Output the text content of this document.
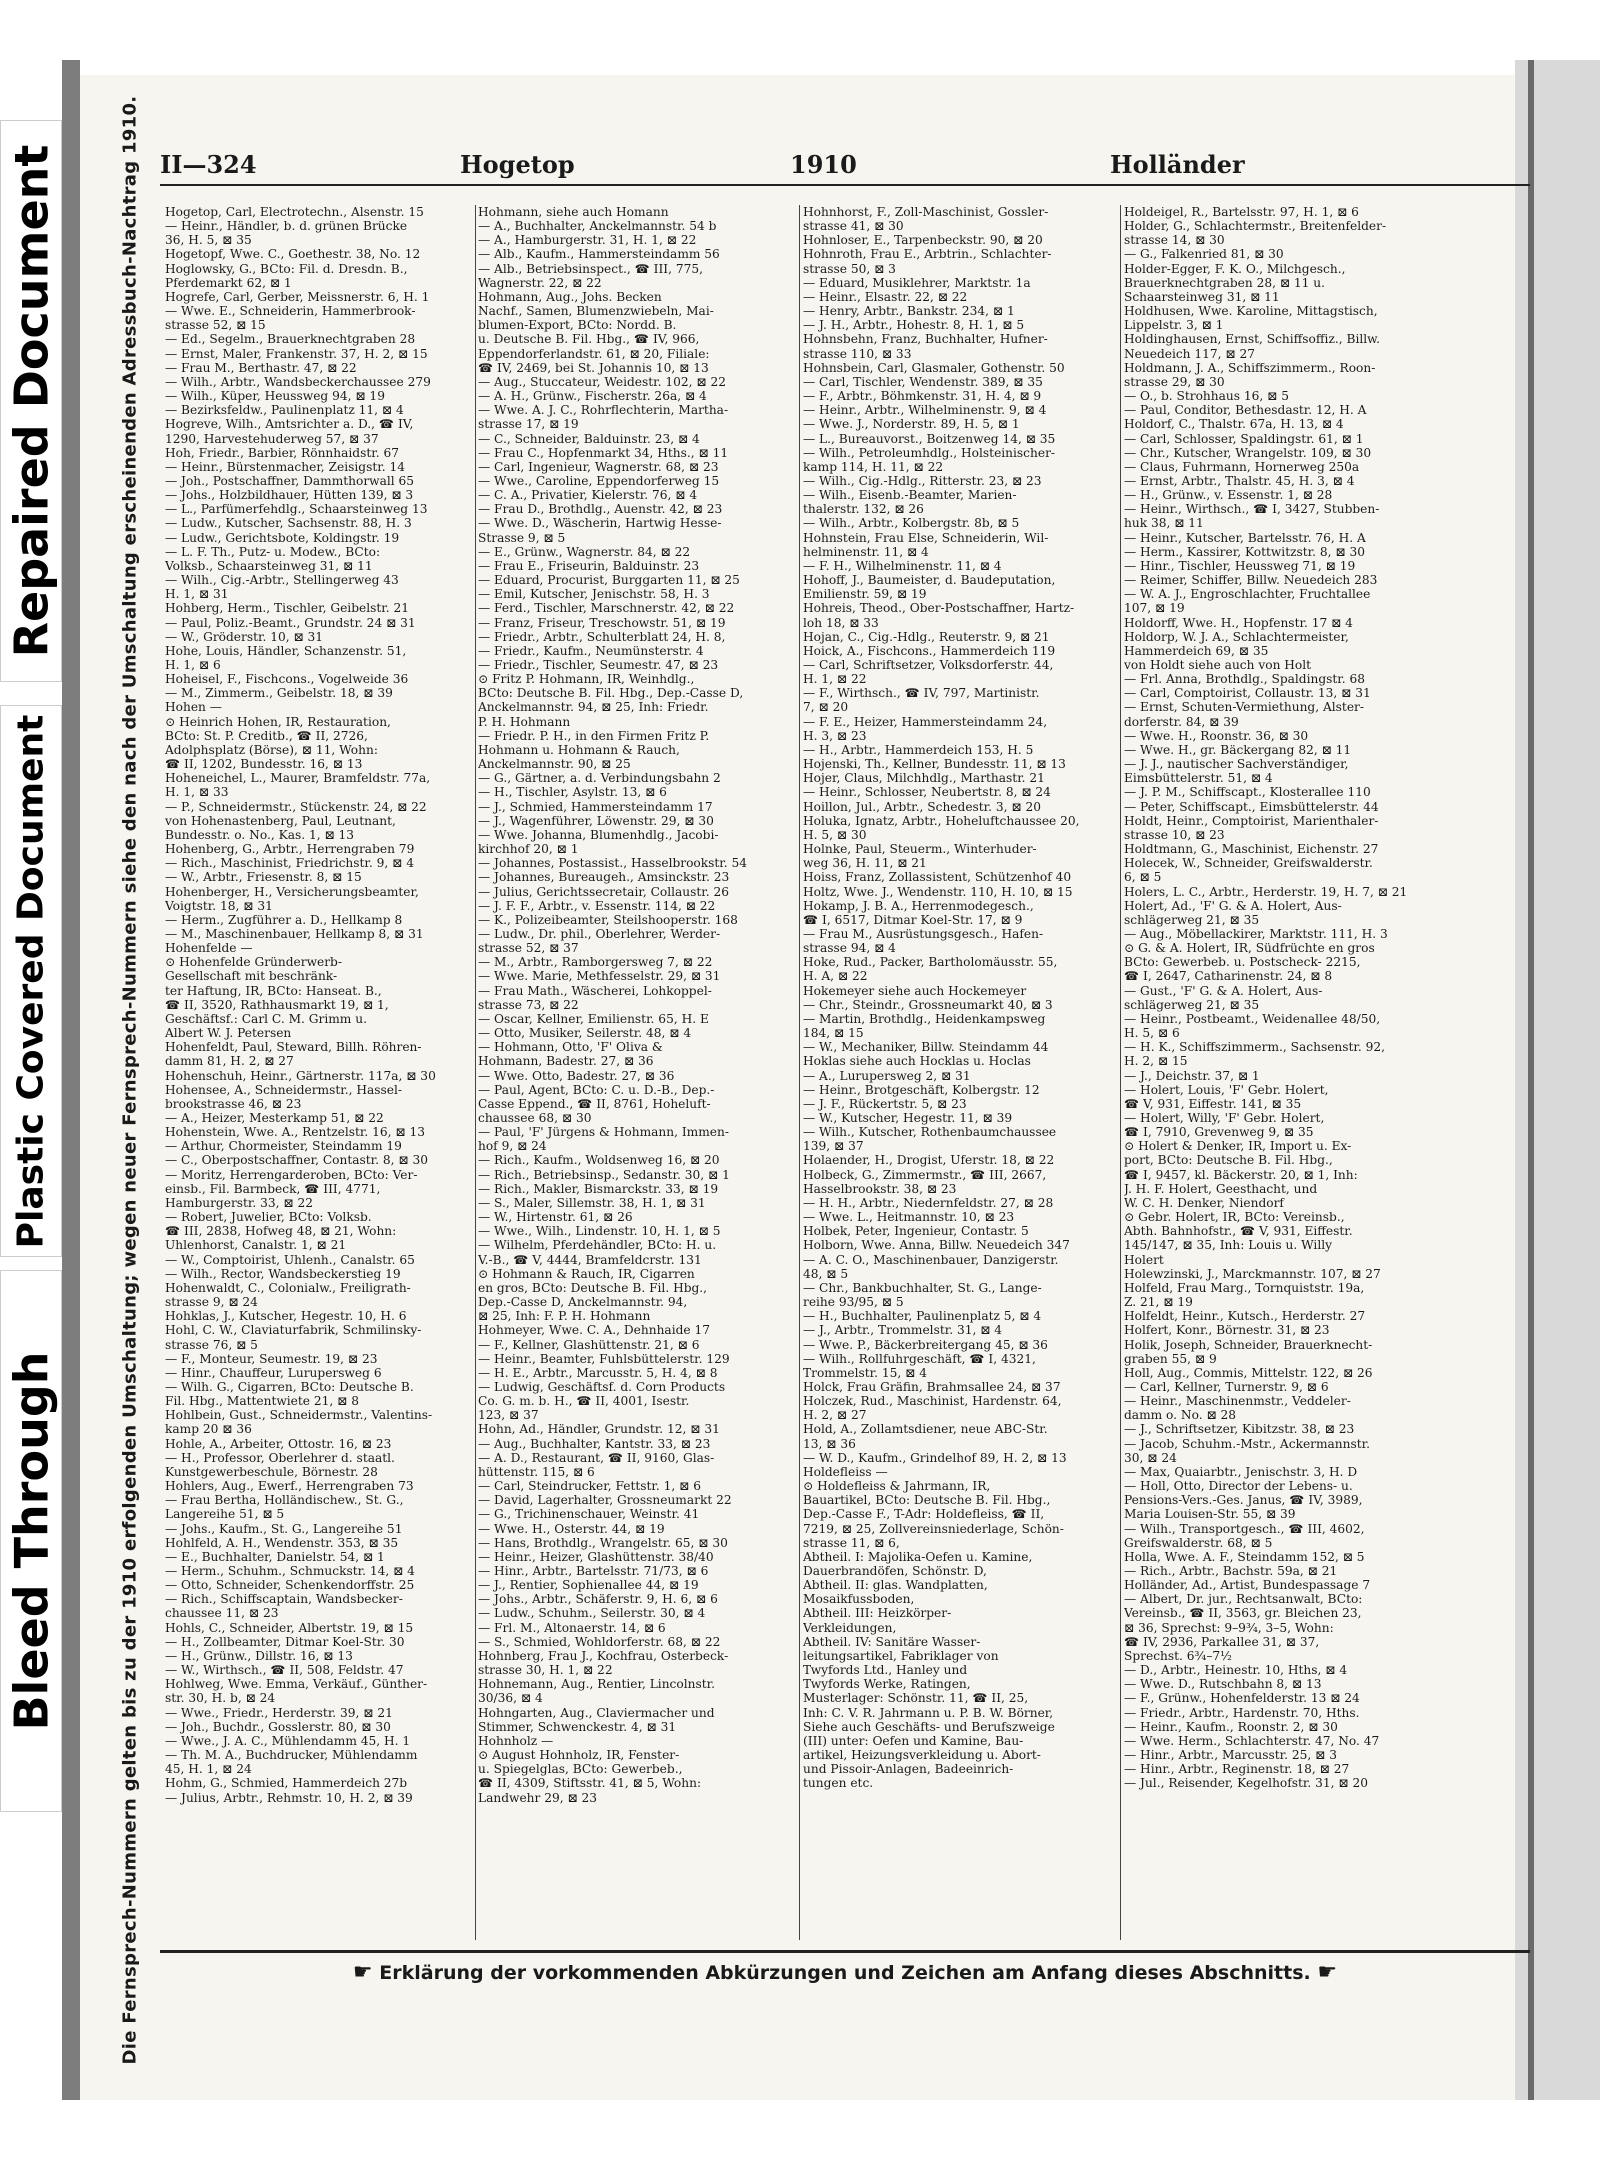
Repaired Document
Plastic Covered Document
Bleed Through
II—324	Hogetop	1910	Holländer
Die Fernsprech-Nummern gelten bis zu der 1910 erfolgenden Umschaltung; wegen neuer Fernsprech-Nummern siehe den nach der Umschaltung erscheinenden Adressbuch-Nachtrag 1910. Hogetop, Carl, Electrotechn., Alsenstr. 15
— Heinr., Händler, b. d. grünen Brücke
36, H. 5, ⊠ 35
Hogetopf, Wwe. C., Goethestr. 38, No. 12
Hoglowsky, G., BCto: Fil. d. Dresdn. B.,
Pferdemarkt 62, ⊠ 1
Hogrefe, Carl, Gerber, Meissnerstr. 6, H. 1
— Wwe. E., Schneiderin, Hammerbrook-
strasse 52, ⊠ 15
— Ed., Segelm., Brauerknechtgraben 28
— Ernst, Maler, Frankenstr. 37, H. 2, ⊠ 15
— Frau M., Berthastr. 47, ⊠ 22
— Wilh., Arbtr., Wandsbeckerchaussee 279
— Wilh., Küper, Heussweg 94, ⊠ 19
— Bezirksfeldw., Paulinenplatz 11, ⊠ 4
Hogreve, Wilh., Amtsrichter a. D., ☎ IV,
1290, Harvestehuderweg 57, ⊠ 37
Hoh, Friedr., Barbier, Rönnhaidstr. 67
— Heinr., Bürstenmacher, Zeisigstr. 14
— Joh., Postschaffner, Dammthorwall 65
— Johs., Holzbildhauer, Hütten 139, ⊠ 3
— L., Parfümerfehdlg., Schaarsteinweg 13
— Ludw., Kutscher, Sachsenstr. 88, H. 3
— Ludw., Gerichtsbote, Koldingstr. 19
— L. F. Th., Putz- u. Modew., BCto:
Volksb., Schaarsteinweg 31, ⊠ 11
— Wilh., Cig.-Arbtr., Stellingerweg 43
H. 1, ⊠ 31
Hohberg, Herm., Tischler, Geibelstr. 21
— Paul, Poliz.-Beamt., Grundstr. 24 ⊠ 31
— W., Gröderstr. 10, ⊠ 31
Hohe, Louis, Händler, Schanzenstr. 51,
H. 1, ⊠ 6
Hoheisel, F., Fischcons., Vogelweide 36
— M., Zimmerm., Geibelstr. 18, ⊠ 39
Hohen —
⊙ Heinrich Hohen, IR, Restauration,
BCto: St. P. Creditb., ☎ II, 2726,
Adolphsplatz (Börse), ⊠ 11, Wohn:
☎ II, 1202, Bundesstr. 16, ⊠ 13
Hoheneichel, L., Maurer, Bramfeldstr. 77a,
H. 1, ⊠ 33
— P., Schneidermstr., Stückenstr. 24, ⊠ 22
von Hohenastenberg, Paul, Leutnant,
Bundesstr. o. No., Kas. 1, ⊠ 13
Hohenberg, G., Arbtr., Herrengraben 79
— Rich., Maschinist, Friedrichstr. 9, ⊠ 4
— W., Arbtr., Friesenstr. 8, ⊠ 15
Hohenberger, H., Versicherungsbeamter,
Voigtstr. 18, ⊠ 31
— Herm., Zugführer a. D., Hellkamp 8
— M., Maschinenbauer, Hellkamp 8, ⊠ 31
Hohenfelde —
⊙ Hohenfelde Gründerwerb-
Gesellschaft mit beschränk-
ter Haftung, IR, BCto: Hanseat. B.,
☎ II, 3520, Rathhausmarkt 19, ⊠ 1,
Geschäftsf.: Carl C. M. Grimm u.
Albert W. J. Petersen
Hohenfeldt, Paul, Steward, Billh. Röhren-
damm 81, H. 2, ⊠ 27
Hohenschuh, Heinr., Gärtnerstr. 117a, ⊠ 30
Hohensee, A., Schneidermstr., Hassel-
brookstrasse 46, ⊠ 23
— A., Heizer, Mesterkamp 51, ⊠ 22
Hohenstein, Wwe. A., Rentzelstr. 16, ⊠ 13
— Arthur, Chormeister, Steindamm 19
— C., Oberpostschaffner, Contastr. 8, ⊠ 30
— Moritz, Herrengarderoben, BCto: Ver-
einsb., Fil. Barmbeck, ☎ III, 4771,
Hamburgerstr. 33, ⊠ 22
— Robert, Juwelier, BCto: Volksb.
☎ III, 2838, Hofweg 48, ⊠ 21, Wohn:
Uhlenhorst, Canalstr. 1, ⊠ 21
— W., Comptoirist, Uhlenh., Canalstr. 65
— Wilh., Rector, Wandsbeckerstieg 19
Hohenwaldt, C., Colonialw., Freiligrath-
strasse 9, ⊠ 24
Hohklas, J., Kutscher, Hegestr. 10, H. 6
Hohl, C. W., Claviaturfabrik, Schmilinsky-
strasse 76, ⊠ 5
— F., Monteur, Seumestr. 19, ⊠ 23
— Hinr., Chauffeur, Lurupersweg 6
— Wilh. G., Cigarren, BCto: Deutsche B.
Fil. Hbg., Mattentwiete 21, ⊠ 8
Hohlbein, Gust., Schneidermstr., Valentins-
kamp 20 ⊠ 36
Hohle, A., Arbeiter, Ottostr. 16, ⊠ 23
— H., Professor, Oberlehrer d. staatl.
Kunstgewerbeschule, Börnestr. 28
Hohlers, Aug., Ewerf., Herrengraben 73
— Frau Bertha, Holländischew., St. G.,
Langereihe 51, ⊠ 5
— Johs., Kaufm., St. G., Langereihe 51
Hohlfeld, A. H., Wendenstr. 353, ⊠ 35
— E., Buchhalter, Danielstr. 54, ⊠ 1
— Herm., Schuhm., Schmuckstr. 14, ⊠ 4
— Otto, Schneider, Schenkendorffstr. 25
— Rich., Schiffscaptain, Wandsbecker-
chaussee 11, ⊠ 23
Hohls, C., Schneider, Albertstr. 19, ⊠ 15
— H., Zollbeamter, Ditmar Koel-Str. 30
— H., Grünw., Dillstr. 16, ⊠ 13
— W., Wirthsch., ☎ II, 508, Feldstr. 47
Hohlweg, Wwe. Emma, Verkäuf., Günther-
str. 30, H. b, ⊠ 24
— Wwe., Friedr., Herderstr. 39, ⊠ 21
— Joh., Buchdr., Gosslerstr. 80, ⊠ 30
— Wwe., J. A. C., Mühlendamm 45, H. 1
— Th. M. A., Buchdrucker, Mühlendamm
45, H. 1, ⊠ 24
Hohm, G., Schmied, Hammerdeich 27b
— Julius, Arbtr., Rehmstr. 10, H. 2, ⊠ 39
Hohmann, siehe auch Homann
— A., Buchhalter, Anckelmannstr. 54 b
— A., Hamburgerstr. 31, H. 1, ⊠ 22
— Alb., Kaufm., Hammersteindamm 56
— Alb., Betriebsinspect., ☎ III, 775,
Wagnerstr. 22, ⊠ 22
Hohmann, Aug., Johs. Becken
Nachf., Samen, Blumenzwiebeln, Mai-
blumen-Export, BCto: Nordd. B.
u. Deutsche B. Fil. Hbg., ☎ IV, 966,
Eppendorferlandstr. 61, ⊠ 20, Filiale:
☎ IV, 2469, bei St. Johannis 10, ⊠ 13
— Aug., Stuccateur, Weidestr. 102, ⊠ 22
— A. H., Grünw., Fischerstr. 26a, ⊠ 4
— Wwe. A. J. C., Rohrflechterin, Martha-
strasse 17, ⊠ 19
— C., Schneider, Balduinstr. 23, ⊠ 4
— Frau C., Hopfenmarkt 34, Hths., ⊠ 11
— Carl, Ingenieur, Wagnerstr. 68, ⊠ 23
— Wwe., Caroline, Eppendorferweg 15
— C. A., Privatier, Kielerstr. 76, ⊠ 4
— Frau D., Brothdlg., Auenstr. 42, ⊠ 23
— Wwe. D., Wäscherin, Hartwig Hesse-
Strasse 9, ⊠ 5
— E., Grünw., Wagnerstr. 84, ⊠ 22
— Frau E., Friseurin, Balduinstr. 23
— Eduard, Procurist, Burggarten 11, ⊠ 25
— Emil, Kutscher, Jenischstr. 58, H. 3
— Ferd., Tischler, Marschnerstr. 42, ⊠ 22
— Franz, Friseur, Treschowstr. 51, ⊠ 19
— Friedr., Arbtr., Schulterblatt 24, H. 8,
— Friedr., Kaufm., Neumünsterstr. 4
— Friedr., Tischler, Seumestr. 47, ⊠ 23
⊙ Fritz P. Hohmann, IR, Weinhdlg.,
BCto: Deutsche B. Fil. Hbg., Dep.-Casse D,
Anckelmannstr. 94, ⊠ 25, Inh: Friedr.
P. H. Hohmann
— Friedr. P. H., in den Firmen Fritz P.
Hohmann u. Hohmann & Rauch,
Anckelmannstr. 90, ⊠ 25
— G., Gärtner, a. d. Verbindungsbahn 2
— H., Tischler, Asylstr. 13, ⊠ 6
— J., Schmied, Hammersteindamm 17
— J., Wagenführer, Löwenstr. 29, ⊠ 30
— Wwe. Johanna, Blumenhdlg., Jacobi-
kirchhof 20, ⊠ 1
— Johannes, Postassist., Hasselbrookstr. 54
— Johannes, Bureaugeh., Amsinckstr. 23
— Julius, Gerichtssecretair, Collaustr. 26
— J. F. F., Arbtr., v. Essenstr. 114, ⊠ 22
— K., Polizeibeamter, Steilshooperstr. 168
— Ludw., Dr. phil., Oberlehrer, Werder-
strasse 52, ⊠ 37
— M., Arbtr., Ramborgersweg 7, ⊠ 22
— Wwe. Marie, Methfesselstr. 29, ⊠ 31
— Frau Math., Wäscherei, Lohkoppel-
strasse 73, ⊠ 22
— Oscar, Kellner, Emilienstr. 65, H. E
— Otto, Musiker, Seilerstr. 48, ⊠ 4
— Hohmann, Otto, 'F' Oliva &
Hohmann, Badestr. 27, ⊠ 36
— Wwe. Otto, Badestr. 27, ⊠ 36
— Paul, Agent, BCto: C. u. D.-B., Dep.-
Casse Eppend., ☎ II, 8761, Hoheluft-
chaussee 68, ⊠ 30
— Paul, 'F' Jürgens & Hohmann, Immen-
hof 9, ⊠ 24
— Rich., Kaufm., Woldsenweg 16, ⊠ 20
— Rich., Betriebsinsp., Sedanstr. 30, ⊠ 1
— Rich., Makler, Bismarckstr. 33, ⊠ 19
— S., Maler, Sillemstr. 38, H. 1, ⊠ 31
— W., Hirtenstr. 61, ⊠ 26
— Wwe., Wilh., Lindenstr. 10, H. 1, ⊠ 5
— Wilhelm, Pferdehändler, BCto: H. u.
V.-B., ☎ V, 4444, Bramfeldcrstr. 131
⊙ Hohmann & Rauch, IR, Cigarren
en gros, BCto: Deutsche B. Fil. Hbg.,
Dep.-Casse D, Anckelmannstr. 94,
⊠ 25, Inh: F. P. H. Hohmann
Hohmeyer, Wwe. C. A., Dehnhaide 17
— F., Kellner, Glashüttenstr. 21, ⊠ 6
— Heinr., Beamter, Fuhlsbüttelerstr. 129
— H. E., Arbtr., Marcusstr. 5, H. 4, ⊠ 8
— Ludwig, Geschäftsf. d. Corn Products
Co. G. m. b. H., ☎ II, 4001, Isestr.
123, ⊠ 37
Hohn, Ad., Händler, Grundstr. 12, ⊠ 31
— Aug., Buchhalter, Kantstr. 33, ⊠ 23
— A. D., Restaurant, ☎ II, 9160, Glas-
hüttenstr. 115, ⊠ 6
— Carl, Steindrucker, Fettstr. 1, ⊠ 6
— David, Lagerhalter, Grossneumarkt 22
— G., Trichinenschauer, Weinstr. 41
— Wwe. H., Osterstr. 44, ⊠ 19
— Hans, Brothdlg., Wrangelstr. 65, ⊠ 30
— Heinr., Heizer, Glashüttenstr. 38/40
— Hinr., Arbtr., Bartelsstr. 71/73, ⊠ 6
— J., Rentier, Sophienallee 44, ⊠ 19
— Johs., Arbtr., Schäferstr. 9, H. 6, ⊠ 6
— Ludw., Schuhm., Seilerstr. 30, ⊠ 4
— Frl. M., Altonaerstr. 14, ⊠ 6
— S., Schmied, Wohldorferstr. 68, ⊠ 22
Hohnberg, Frau J., Kochfrau, Osterbeck-
strasse 30, H. 1, ⊠ 22
Hohnemann, Aug., Rentier, Lincolnstr.
30/36, ⊠ 4
Hohngarten, Aug., Claviermacher und
Stimmer, Schwenckestr. 4, ⊠ 31
Hohnholz —
⊙ August Hohnholz, IR, Fenster-
u. Spiegelglas, BCto: Gewerbeb.,
☎ II, 4309, Stiftsstr. 41, ⊠ 5, Wohn:
Landwehr 29, ⊠ 23
Hohnhorst, F., Zoll-Maschinist, Gossler-
strasse 41, ⊠ 30
Hohnloser, E., Tarpenbeckstr. 90, ⊠ 20
Hohnroth, Frau E., Arbtrin., Schlachter-
strasse 50, ⊠ 3
— Eduard, Musiklehrer, Marktstr. 1a
— Heinr., Elsastr. 22, ⊠ 22
— Henry, Arbtr., Bankstr. 234, ⊠ 1
— J. H., Arbtr., Hohestr. 8, H. 1, ⊠ 5
Hohnsbehn, Franz, Buchhalter, Hufner-
strasse 110, ⊠ 33
Hohnsbein, Carl, Glasmaler, Gothenstr. 50
— Carl, Tischler, Wendenstr. 389, ⊠ 35
— F., Arbtr., Böhmkenstr. 31, H. 4, ⊠ 9
— Heinr., Arbtr., Wilhelminenstr. 9, ⊠ 4
— Wwe. J., Norderstr. 89, H. 5, ⊠ 1
— L., Bureauvorst., Boitzenweg 14, ⊠ 35
— Wilh., Petroleumhdlg., Holsteinischer-
kamp 114, H. 11, ⊠ 22
— Wilh., Cig.-Hdlg., Ritterstr. 23, ⊠ 23
— Wilh., Eisenb.-Beamter, Marien-
thalerstr. 132, ⊠ 26
— Wilh., Arbtr., Kolbergstr. 8b, ⊠ 5
Hohnstein, Frau Else, Schneiderin, Wil-
helminenstr. 11, ⊠ 4
— F. H., Wilhelminenstr. 11, ⊠ 4
Hohoff, J., Baumeister, d. Baudeputation,
Emilienstr. 59, ⊠ 19
Hohreis, Theod., Ober-Postschaffner, Hartz-
loh 18, ⊠ 33
Hojan, C., Cig.-Hdlg., Reuterstr. 9, ⊠ 21
Hoick, A., Fischcons., Hammerdeich 119
— Carl, Schriftsetzer, Volksdorferstr. 44,
H. 1, ⊠ 22
— F., Wirthsch., ☎ IV, 797, Martinistr.
7, ⊠ 20
— F. E., Heizer, Hammersteindamm 24,
H. 3, ⊠ 23
— H., Arbtr., Hammerdeich 153, H. 5
Hojenski, Th., Kellner, Bundesstr. 11, ⊠ 13
Hojer, Claus, Milchhdlg., Marthastr. 21
— Heinr., Schlosser, Neubertstr. 8, ⊠ 24
Hoillon, Jul., Arbtr., Schedestr. 3, ⊠ 20
Holuka, Ignatz, Arbtr., Hoheluftchaussee 20,
H. 5, ⊠ 30
Holnke, Paul, Steuerm., Winterhuder-
weg 36, H. 11, ⊠ 21
Hoiss, Franz, Zollassistent, Schützenhof 40
Holtz, Wwe. J., Wendenstr. 110, H. 10, ⊠ 15
Hokamp, J. B. A., Herrenmodegesch.,
☎ I, 6517, Ditmar Koel-Str. 17, ⊠ 9
— Frau M., Ausrüstungsgesch., Hafen-
strasse 94, ⊠ 4
Hoke, Rud., Packer, Bartholomäusstr. 55,
H. A, ⊠ 22
Hokemeyer siehe auch Hockemeyer
— Chr., Steindr., Grossneumarkt 40, ⊠ 3
— Martin, Brothdlg., Heidenkampsweg
184, ⊠ 15
— W., Mechaniker, Billw. Steindamm 44
Hoklas siehe auch Hocklas u. Hoclas
— A., Lurupersweg 2, ⊠ 31
— Heinr., Brotgeschäft, Kolbergstr. 12
— J. F., Rückertstr. 5, ⊠ 23
— W., Kutscher, Hegestr. 11, ⊠ 39
— Wilh., Kutscher, Rothenbaumchaussee
139, ⊠ 37
Holaender, H., Drogist, Uferstr. 18, ⊠ 22
Holbeck, G., Zimmermstr., ☎ III, 2667,
Hasselbrookstr. 38, ⊠ 23
— H. H., Arbtr., Niedernfeldstr. 27, ⊠ 28
— Wwe. L., Heitmannstr. 10, ⊠ 23
Holbek, Peter, Ingenieur, Contastr. 5
Holborn, Wwe. Anna, Billw. Neuedeich 347
— A. C. O., Maschinenbauer, Danzigerstr.
48, ⊠ 5
— Chr., Bankbuchhalter, St. G., Lange-
reihe 93/95, ⊠ 5
— H., Buchhalter, Paulinenplatz 5, ⊠ 4
— J., Arbtr., Trommelstr. 31, ⊠ 4
— Wwe. P., Bäckerbreitergang 45, ⊠ 36
— Wilh., Rollfuhrgeschäft, ☎ I, 4321,
Trommelstr. 15, ⊠ 4
Holck, Frau Gräfin, Brahmsallee 24, ⊠ 37
Holczek, Rud., Maschinist, Hardenstr. 64,
H. 2, ⊠ 27
Hold, A., Zollamtsdiener, neue ABC-Str.
13, ⊠ 36
— W. D., Kaufm., Grindelhof 89, H. 2, ⊠ 13
Holdefleiss —
⊙ Holdefleiss & Jahrmann, IR,
Bauartikel, BCto: Deutsche B. Fil. Hbg.,
Dep.-Casse F., T-Adr: Holdefleiss, ☎ II,
7219, ⊠ 25, Zollvereinsniederlage, Schön-
strasse 11, ⊠ 6,
Abtheil. I: Majolika-Oefen u. Kamine,
Dauerbrandöfen, Schönstr. D,
Abtheil. II: glas. Wandplatten,
Mosaikfussboden,
Abtheil. III: Heizkörper-
Verkleidungen,
Abtheil. IV: Sanitäre Wasser-
leitungsartikel, Fabriklager von
Twyfords Ltd., Hanley und
Twyfords Werke, Ratingen,
Musterlager: Schönstr. 11, ☎ II, 25,
Inh: C. V. R. Jahrmann u. P. B. W. Börner,
Siehe auch Geschäfts- und Berufszweige
(III) unter: Oefen und Kamine, Bau-
artikel, Heizungsverkleidung u. Abort-
und Pissoir-Anlagen, Badeeinrich-
tungen etc.
Holdeigel, R., Bartelsstr. 97, H. 1, ⊠ 6
Holder, G., Schlachtermstr., Breitenfelder-
strasse 14, ⊠ 30
— G., Falkenried 81, ⊠ 30
Holder-Egger, F. K. O., Milchgesch.,
Brauerknechtgraben 28, ⊠ 11 u.
Schaarsteinweg 31, ⊠ 11
Holdhusen, Wwe. Karoline, Mittagstisch,
Lippelstr. 3, ⊠ 1
Holdinghausen, Ernst, Schiffsoffiz., Billw.
Neuedeich 117, ⊠ 27
Holdmann, J. A., Schiffszimmerm., Roon-
strasse 29, ⊠ 30
— O., b. Strohhaus 16, ⊠ 5
— Paul, Conditor, Bethesdastr. 12, H. A
Holdorf, C., Thalstr. 67a, H. 13, ⊠ 4
— Carl, Schlosser, Spaldingstr. 61, ⊠ 1
— Chr., Kutscher, Wrangelstr. 109, ⊠ 30
— Claus, Fuhrmann, Hornerweg 250a
— Ernst, Arbtr., Thalstr. 45, H. 3, ⊠ 4
— H., Grünw., v. Essenstr. 1, ⊠ 28
— Heinr., Wirthsch., ☎ I, 3427, Stubben-
huk 38, ⊠ 11
— Heinr., Kutscher, Bartelsstr. 76, H. A
— Herm., Kassirer, Kottwitzstr. 8, ⊠ 30
— Hinr., Tischler, Heussweg 71, ⊠ 19
— Reimer, Schiffer, Billw. Neuedeich 283
— W. A. J., Engroschlachter, Fruchtallee
107, ⊠ 19
Holdorff, Wwe. H., Hopfenstr. 17 ⊠ 4
Holdorp, W. J. A., Schlachtermeister,
Hammerdeich 69, ⊠ 35
von Holdt siehe auch von Holt
— Frl. Anna, Brothdlg., Spaldingstr. 68
— Carl, Comptoirist, Collaustr. 13, ⊠ 31
— Ernst, Schuten-Vermiethung, Alster-
dorferstr. 84, ⊠ 39
— Wwe. H., Roonstr. 36, ⊠ 30
— Wwe. H., gr. Bäckergang 82, ⊠ 11
— J. J., nautischer Sachverständiger,
Eimsbüttelerstr. 51, ⊠ 4
— J. P. M., Schiffscapt., Klosterallee 110
— Peter, Schiffscapt., Eimsbüttelerstr. 44
Holdt, Heinr., Comptoirist, Marienthaler-
strasse 10, ⊠ 23
Holdtmann, G., Maschinist, Eichenstr. 27
Holecek, W., Schneider, Greifswalderstr.
6, ⊠ 5
Holers, L. C., Arbtr., Herderstr. 19, H. 7, ⊠ 21
Holert, Ad., 'F' G. & A. Holert, Aus-
schlägerweg 21, ⊠ 35
— Aug., Möbellackirer, Marktstr. 111, H. 3
⊙ G. & A. Holert, IR, Südfrüchte en gros
BCto: Gewerbeb. u. Postscheck- 2215,
☎ I, 2647, Catharinenstr. 24, ⊠ 8
— Gust., 'F' G. & A. Holert, Aus-
schlägerweg 21, ⊠ 35
— Heinr., Postbeamt., Weidenallee 48/50,
H. 5, ⊠ 6
— H. K., Schiffszimmerm., Sachsenstr. 92,
H. 2, ⊠ 15
— J., Deichstr. 37, ⊠ 1
— Holert, Louis, 'F' Gebr. Holert,
☎ V, 931, Eiffestr. 141, ⊠ 35
— Holert, Willy, 'F' Gebr. Holert,
☎ I, 7910, Grevenweg 9, ⊠ 35
⊙ Holert & Denker, IR, Import u. Ex-
port, BCto: Deutsche B. Fil. Hbg.,
☎ I, 9457, kl. Bäckerstr. 20, ⊠ 1, Inh:
J. H. F. Holert, Geesthacht, und
W. C. H. Denker, Niendorf
⊙ Gebr. Holert, IR, BCto: Vereinsb.,
Abth. Bahnhofstr., ☎ V, 931, Eiffestr.
145/147, ⊠ 35, Inh: Louis u. Willy
Holert
Holewzinski, J., Marckmannstr. 107, ⊠ 27
Holfeld, Frau Marg., Tornquiststr. 19a,
Z. 21, ⊠ 19
Holfeldt, Heinr., Kutsch., Herderstr. 27
Holfert, Konr., Börnestr. 31, ⊠ 23
Holik, Joseph, Schneider, Brauerknecht-
graben 55, ⊠ 9
Holl, Aug., Commis, Mittelstr. 122, ⊠ 26
— Carl, Kellner, Turnerstr. 9, ⊠ 6
— Heinr., Maschinenmstr., Veddeler-
damm o. No. ⊠ 28
— J., Schriftsetzer, Kibitzstr. 38, ⊠ 23
— Jacob, Schuhm.-Mstr., Ackermannstr.
30, ⊠ 24
— Max, Quaiarbtr., Jenischstr. 3, H. D
— Holl, Otto, Director der Lebens- u.
Pensions-Vers.-Ges. Janus, ☎ IV, 3989,
Maria Louisen-Str. 55, ⊠ 39
— Wilh., Transportgesch., ☎ III, 4602,
Greifswalderstr. 68, ⊠ 5
Holla, Wwe. A. F., Steindamm 152, ⊠ 5
— Rich., Arbtr., Bachstr. 59a, ⊠ 21
Holländer, Ad., Artist, Bundespassage 7
— Albert, Dr. jur., Rechtsanwalt, BCto:
Vereinsb., ☎ II, 3563, gr. Bleichen 23,
⊠ 36, Sprechst: 9–9¾, 3–5, Wohn:
☎ IV, 2936, Parkallee 31, ⊠ 37,
Sprechst. 6¾–7½
— D., Arbtr., Heinestr. 10, Hths, ⊠ 4
— Wwe. D., Rutschbahn 8, ⊠ 13
— F., Grünw., Hohenfelderstr. 13 ⊠ 24
— Friedr., Arbtr., Hardenstr. 70, Hths.
— Heinr., Kaufm., Roonstr. 2, ⊠ 30
— Wwe. Herm., Schlachterstr. 47, No. 47
— Hinr., Arbtr., Marcusstr. 25, ⊠ 3
— Hinr., Arbtr., Reginenstr. 18, ⊠ 27
— Jul., Reisender, Kegelhofstr. 31, ⊠ 20
☛ Erklärung der vorkommenden Abkürzungen und Zeichen am Anfang dieses Abschnitts. ☛
